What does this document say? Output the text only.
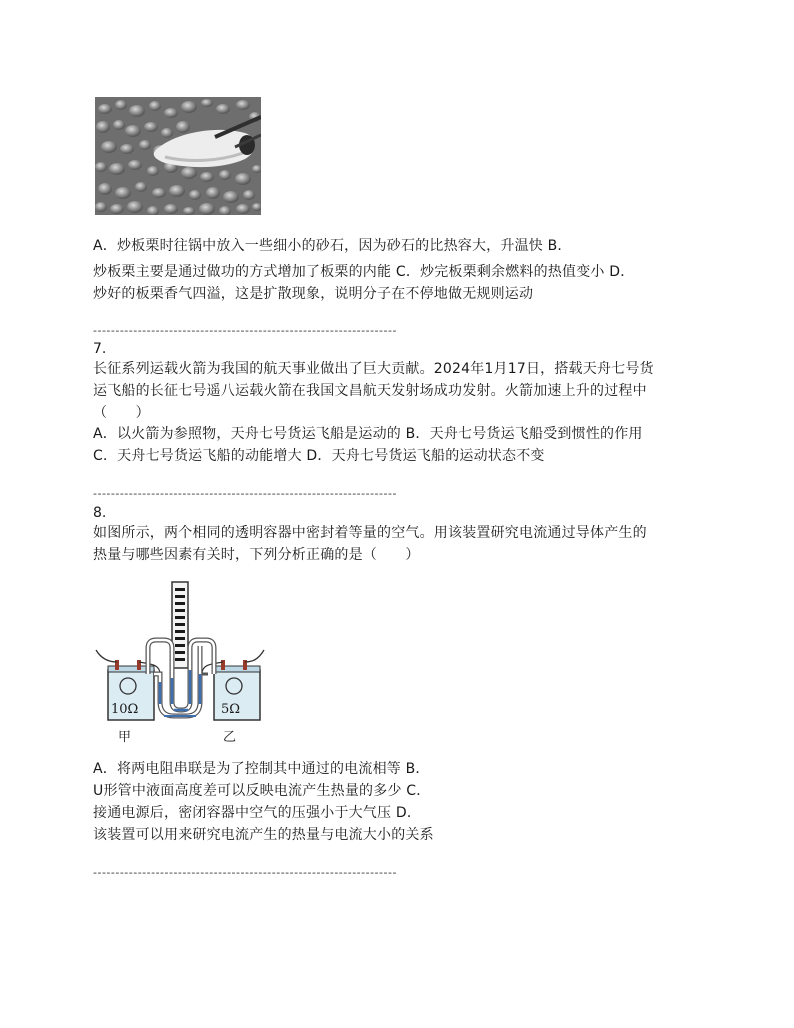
A．炒板栗时往锅中放入一些细小的砂石，因为砂石的比热容大，升温快 B．
炒板栗主要是通过做功的方式增加了板栗的内能 C．炒完板栗剩余燃料的热值变小 D．
炒好的板栗香气四溢，这是扩散现象，说明分子在不停地做无规则运动
--------------------------------------------------------------------
7.
长征系列运载火箭为我国的航天事业做出了巨大贡献。2024年1月17日，搭载天舟七号货
运飞船的长征七号遥八运载火箭在我国文昌航天发射场成功发射。火箭加速上升的过程中
（　　）
A．以火箭为参照物，天舟七号货运飞船是运动的 B．天舟七号货运飞船受到惯性的作用
C．天舟七号货运飞船的动能增大 D．天舟七号货运飞船的运动状态不变
--------------------------------------------------------------------
8.
如图所示，两个相同的透明容器中密封着等量的空气。用该装置研究电流通过导体产生的
热量与哪些因素有关时，下列分析正确的是（　　）
10Ω	5Ω
甲	乙
A．将两电阻串联是为了控制其中通过的电流相等 B．
U形管中液面高度差可以反映电流产生热量的多少 C．
接通电源后，密闭容器中空气的压强小于大气压 D．
该装置可以用来研究电流产生的热量与电流大小的关系
--------------------------------------------------------------------
